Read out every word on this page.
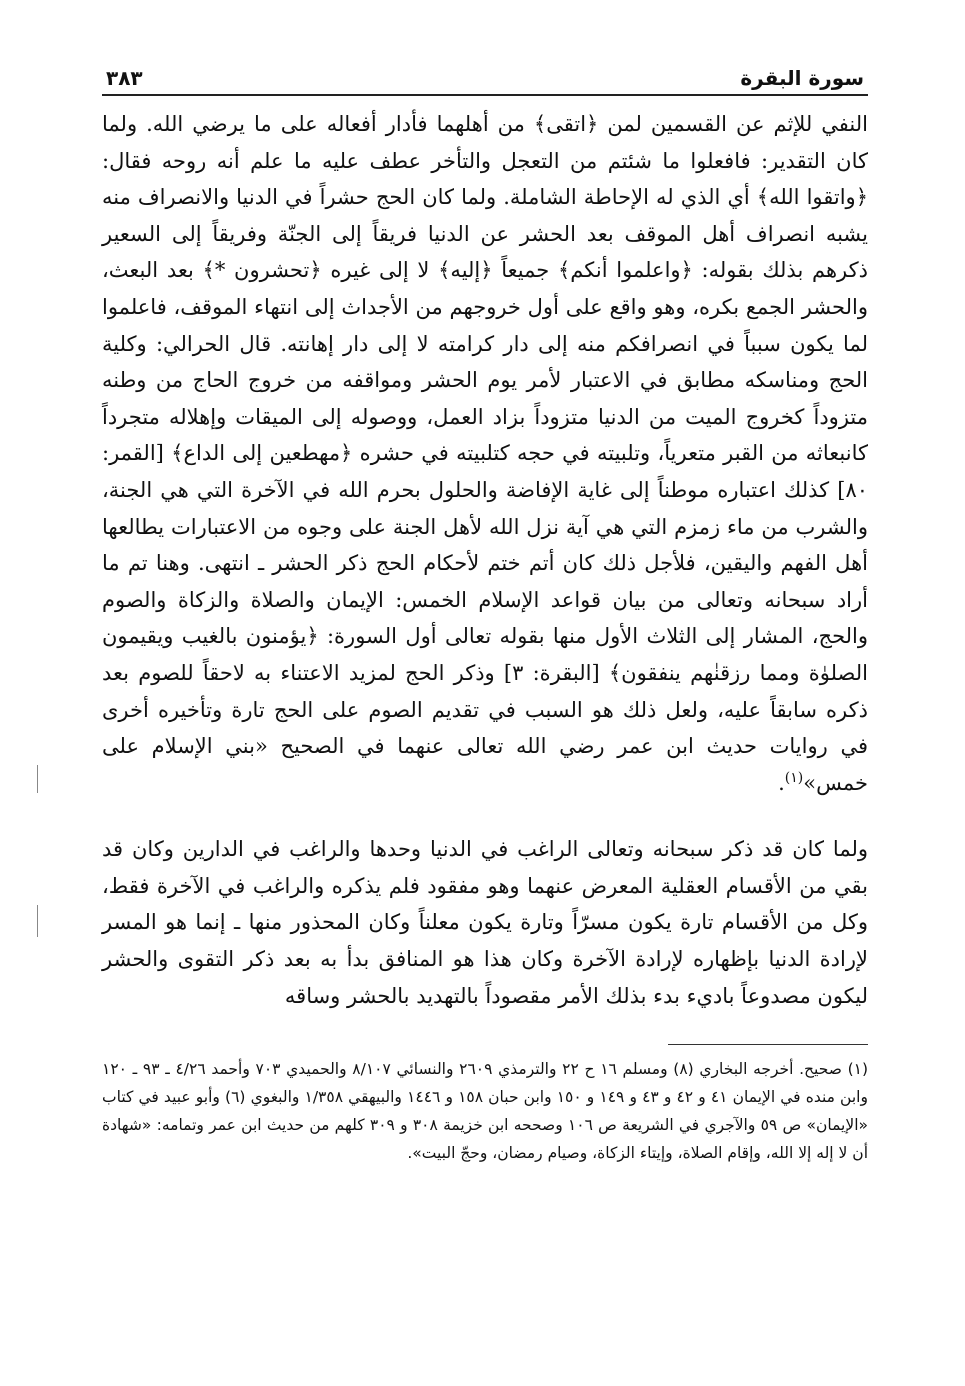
سورة البقرة
٣٨٣

النفي للإثم عن القسمين لمن ﴿اتقى﴾ من أهلهما فأدار أفعاله على ما يرضي الله. ولما كان التقدير: فافعلوا ما شئتم من التعجل والتأخر عطف عليه ما علم أنه روحه فقال: ﴿واتقوا الله﴾ أي الذي له الإحاطة الشاملة. ولما كان الحج حشراً في الدنيا والانصراف منه يشبه انصراف أهل الموقف بعد الحشر عن الدنيا فريقاً إلى الجنّة وفريقاً إلى السعير ذكرهم بذلك بقوله: ﴿واعلموا أنكم﴾ جميعاً ﴿إليه﴾ لا إلى غيره ﴿تحشرون *﴾ بعد البعث، والحشر الجمع بكره، وهو واقع على أول خروجهم من الأجداث إلى انتهاء الموقف، فاعلموا لما يكون سبباً في انصرافكم منه إلى دار كرامته لا إلى دار إهانته. قال الحرالي: وكلية الحج ومناسكه مطابق في الاعتبار لأمر يوم الحشر ومواقفه من خروج الحاج من وطنه متزوداً كخروج الميت من الدنيا متزوداً بزاد العمل، ووصوله إلى الميقات وإهلاله متجرداً كانبعاثه من القبر متعرياً، وتلبيته في حجه كتلبيته في حشره ﴿مهطعين إلى الداع﴾ [القمر: ٨٠] كذلك اعتباره موطناً إلى غاية الإفاضة والحلول بحرم الله في الآخرة التي هي الجنة، والشرب من ماء زمزم التي هي آية نزل الله لأهل الجنة على وجوه من الاعتبارات يطالعها أهل الفهم واليقين، فلأجل ذلك كان أتم ختم لأحكام الحج ذكر الحشر ـ انتهى. وهنا تم ما أراد سبحانه وتعالى من بيان قواعد الإسلام الخمس: الإيمان والصلاة والزكاة والصوم والحج، المشار إلى الثلاث الأول منها بقوله تعالى أول السورة: ﴿يؤمنون بالغيب ويقيمون الصلوٰة ومما رزقنٰهم ينفقون﴾ [البقرة: ٣] وذكر الحج لمزيد الاعتناء به لاحقاً للصوم بعد ذكره سابقاً عليه، ولعل ذلك هو السبب في تقديم الصوم على الحج تارة وتأخيره أخرى في روايات حديث ابن عمر رضي الله تعالى عنهما في الصحيح «بني الإسلام على خمس»$^{(١)}$.

ولما كان قد ذكر سبحانه وتعالى الراغب في الدنيا وحدها والراغب في الدارين وكان قد بقي من الأقسام العقلية المعرض عنهما وهو مفقود فلم يذكره والراغب في الآخرة فقط، وكل من الأقسام تارة يكون مسرّاً وتارة يكون معلناً وكان المحذور منها ـ إنما هو المسر لإرادة الدنيا بإظهاره لإرادة الآخرة وكان هذا هو المنافق بدأ به بعد ذكر التقوى والحشر ليكون مصدوعاً باديء بدء بذلك الأمر مقصوداً بالتهديد بالحشر وساقه

(١) صحيح. أخرجه البخاري (٨) ومسلم ١٦ ح ٢٢ والترمذي ٢٦٠٩ والنسائي ٨/١٠٧ والحميدي ٧٠٣ وأحمد ٤/٢٦ ـ ٩٣ ـ ١٢٠ وابن منده في الإيمان ٤١ و ٤٢ و ٤٣ و ١٤٩ و ١٥٠ وابن حبان ١٥٨ و ١٤٤٦ والبيهقي ١/٣٥٨ والبغوي (٦) وأبو عبيد في كتاب «الإيمان» ص ٥٩ والآجري في الشريعة ص ١٠٦ وصححه ابن خزيمة ٣٠٨ و ٣٠٩ كلهم من حديث ابن عمر وتمامه: «شهادة أن لا إله إلا الله، وإقام الصلاة، وإيتاء الزكاة، وصيام رمضان، وحجّ البيت».
